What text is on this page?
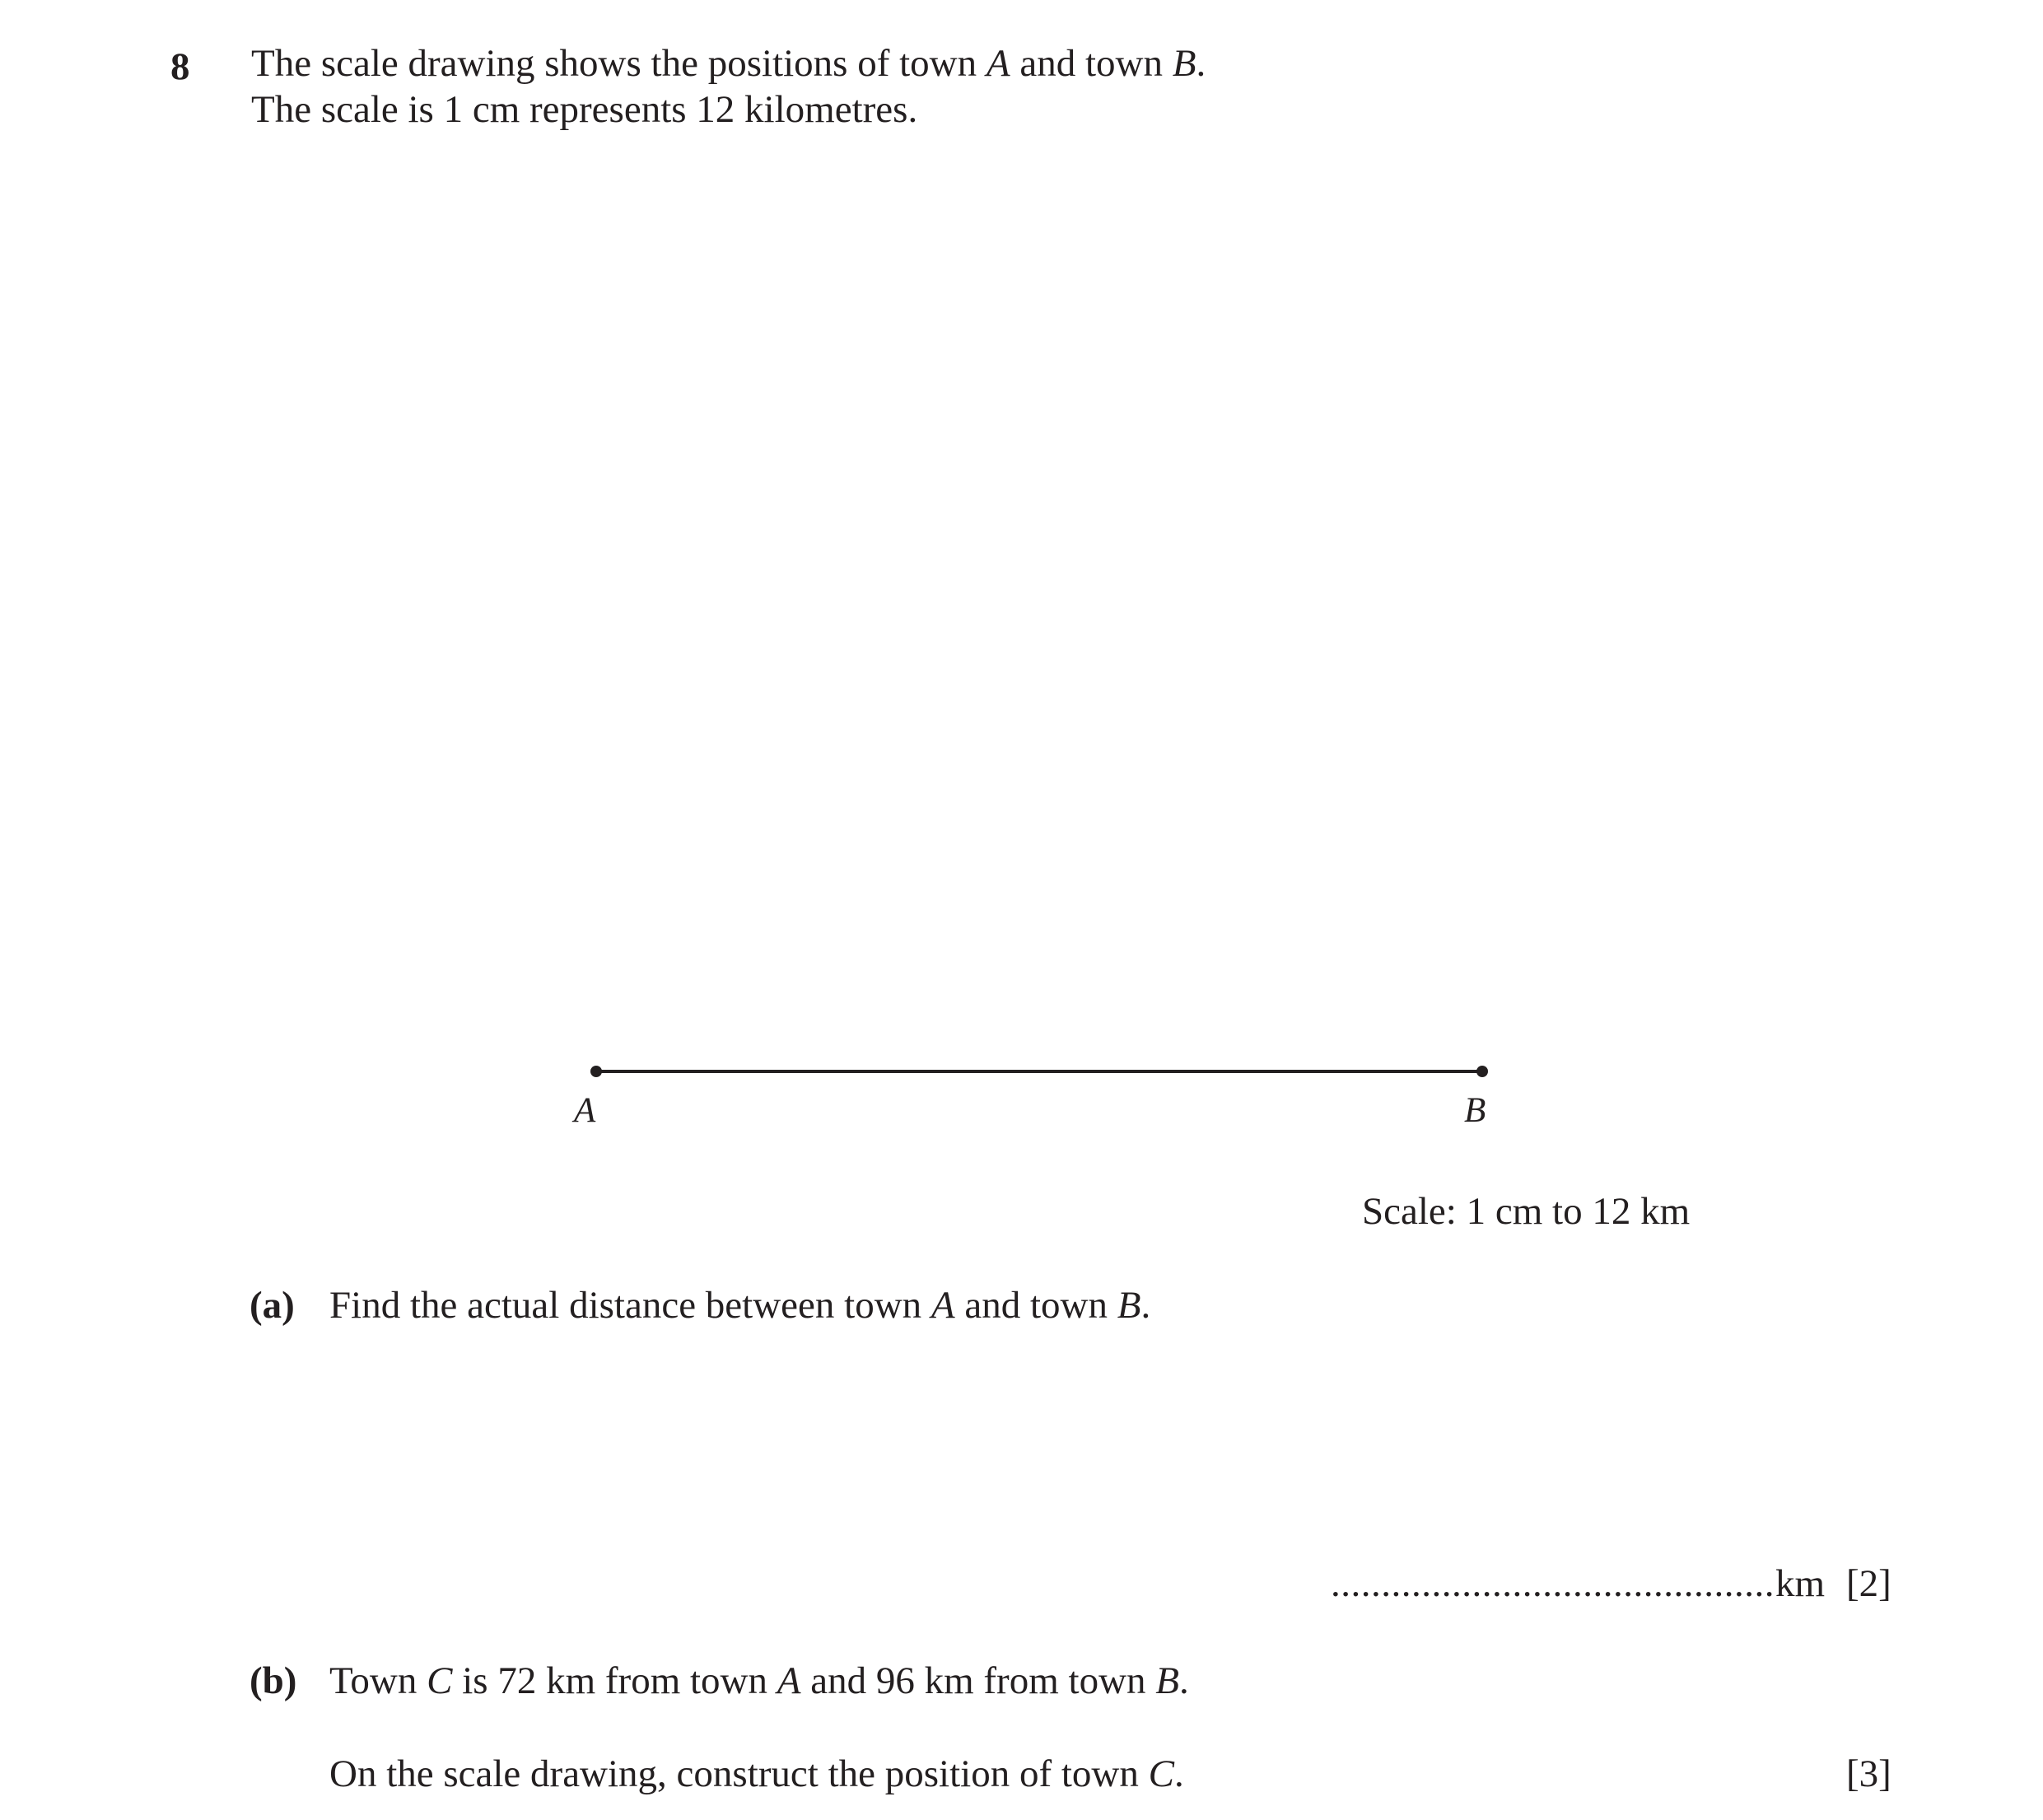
8 The scale drawing shows the positions of town A and town B.
The scale is 1 cm represents 12 kilometres.
A	B
Scale: 1 cm to 12 km
(a) Find the actual distance between town A and town B.
............................................ km [2]
(b) Town C is 72 km from town A and 96 km from town B.
On the scale drawing, construct the position of town C.	[3]
